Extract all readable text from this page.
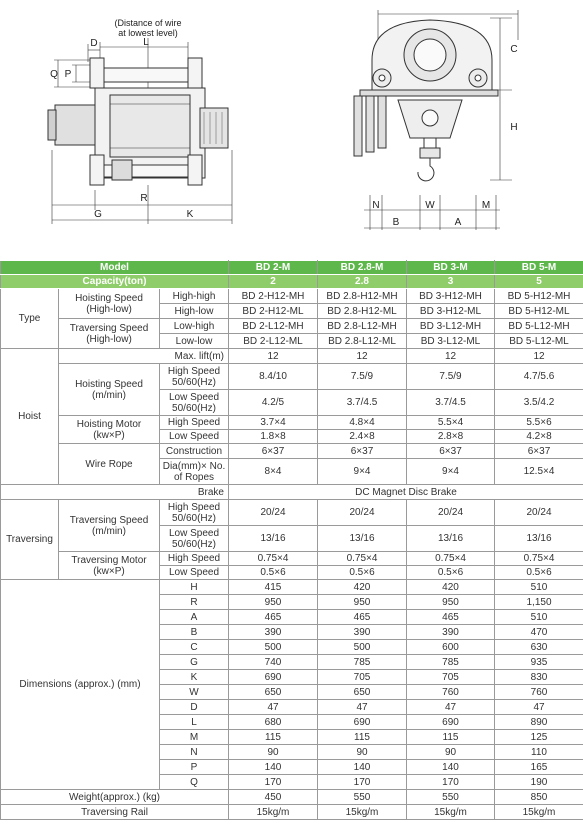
(Distance of wire
at lowest level)
D	L
Q P
G
R
K
C
H
N	W	M
B	A
Model			BD 2-M	BD 2.8-M	BD 3-M	BD 5-M
Capacity(ton)			2	2.8	3	5
Type	Hoisting Speed (High-low)	High-high	BD 2-H12-MH	BD 2.8-H12-MH	BD 3-H12-MH	BD 5-H12-MH
		High-low	BD 2-H12-ML	BD 2.8-H12-ML	BD 3-H12-ML	BD 5-H12-ML
	Traversing Speed (High-low)	Low-high	BD 2-L12-MH	BD 2.8-L12-MH	BD 3-L12-MH	BD 5-L12-MH
		Low-low	BD 2-L12-ML	BD 2.8-L12-ML	BD 3-L12-ML	BD 5-L12-ML
Hoist	Max. lift(m)		12	12	12	12
	Hoisting Speed (m/min)	High Speed 50/60(Hz)	8.4/10	7.5/9	7.5/9	4.7/5.6
		Low Speed 50/60(Hz)	4.2/5	3.7/4.5	3.7/4.5	3.5/4.2
	Hoisting Motor (kw×P)	High Speed	3.7×4	4.8×4	5.5×4	5.5×6
		Low Speed	1.8×8	2.4×8	2.8×8	4.2×8
	Wire Rope	Construction	6×37	6×37	6×37	6×37
		Dia(mm)× No. of Ropes	8×4	9×4	9×4	12.5×4
Brake			DC Magnet Disc Brake			
Traversing	Traversing Speed (m/min)	High Speed 50/60(Hz)	20/24	20/24	20/24	20/24
		Low Speed 50/60(Hz)	13/16	13/16	13/16	13/16
	Traversing Motor (kw×P)	High Speed	0.75×4	0.75×4	0.75×4	0.75×4
		Low Speed	0.5×6	0.5×6	0.5×6	0.5×6
Dimensions (approx.) (mm)		H	415	420	420	510
		R	950	950	950	1,150
		A	465	465	465	510
		B	390	390	390	470
		C	500	500	600	630
		G	740	785	785	935
		K	690	705	705	830
		W	650	650	760	760
		D	47	47	47	47
		L	680	690	690	890
		M	115	115	115	125
		N	90	90	90	110
		P	140	140	140	165
		Q	170	170	170	190
Weight(approx.) (kg)			450	550	550	850
Traversing Rail			15kg/m	15kg/m	15kg/m	15kg/m
